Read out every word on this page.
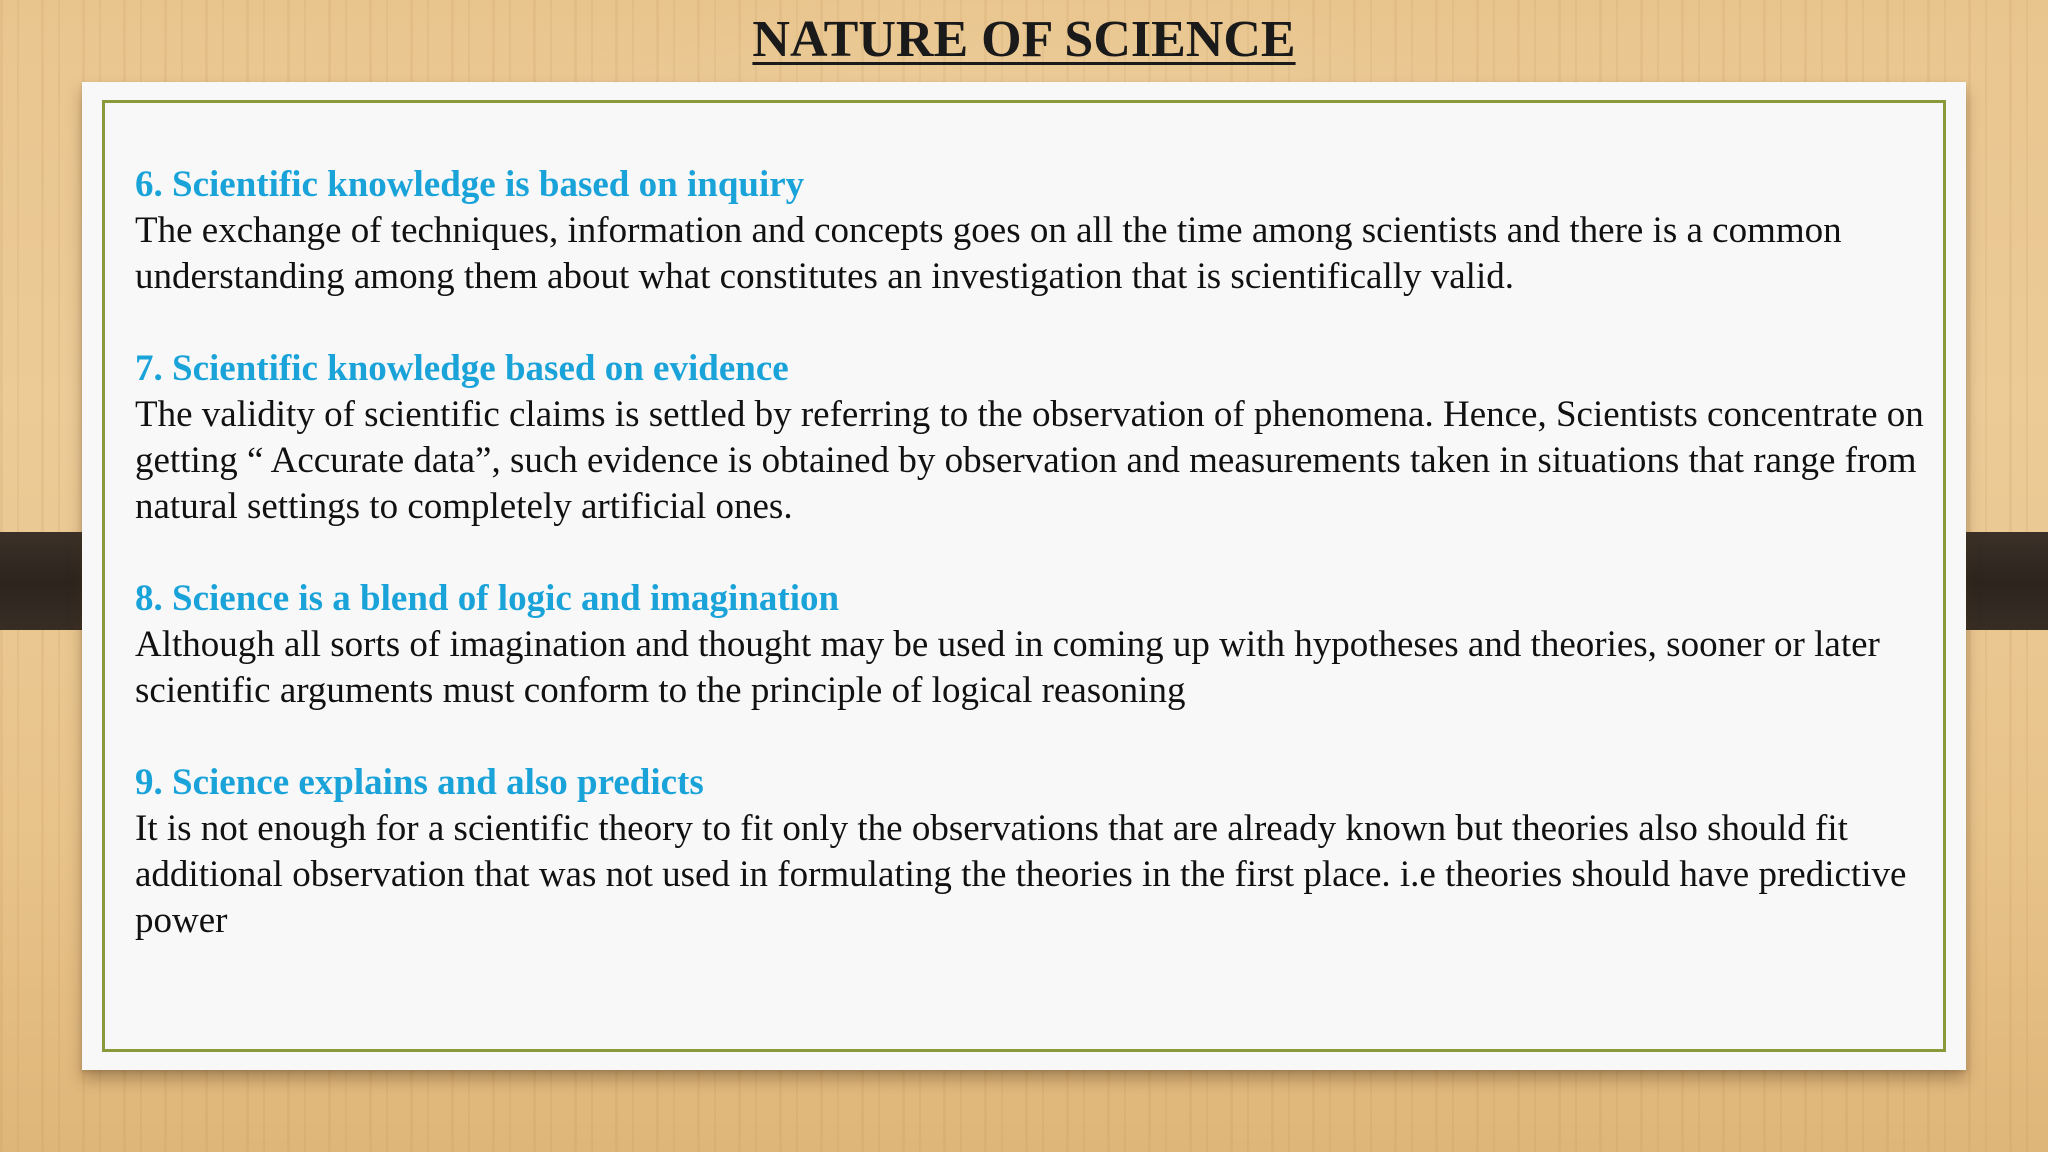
NATURE OF SCIENCE
6. Scientific knowledge is based on inquiry
The exchange of techniques, information and concepts goes on all the time among scientists and there is a common understanding among them about what constitutes an investigation that is scientifically valid.
7. Scientific knowledge based on evidence
The validity of scientific claims is settled by referring to the observation of phenomena. Hence, Scientists concentrate on getting “ Accurate data”, such evidence is obtained by observation and measurements taken in situations that range from natural settings to completely artificial ones.
8. Science is a blend of logic and imagination
Although all sorts of imagination and thought may be used in coming up with hypotheses and theories, sooner or later scientific arguments must conform to the principle of logical reasoning
9. Science explains and also predicts
It is not enough for a scientific theory to fit only the observations that are already known but theories also should fit additional observation that was not used in formulating the theories in the first place. i.e theories should have predictive power
